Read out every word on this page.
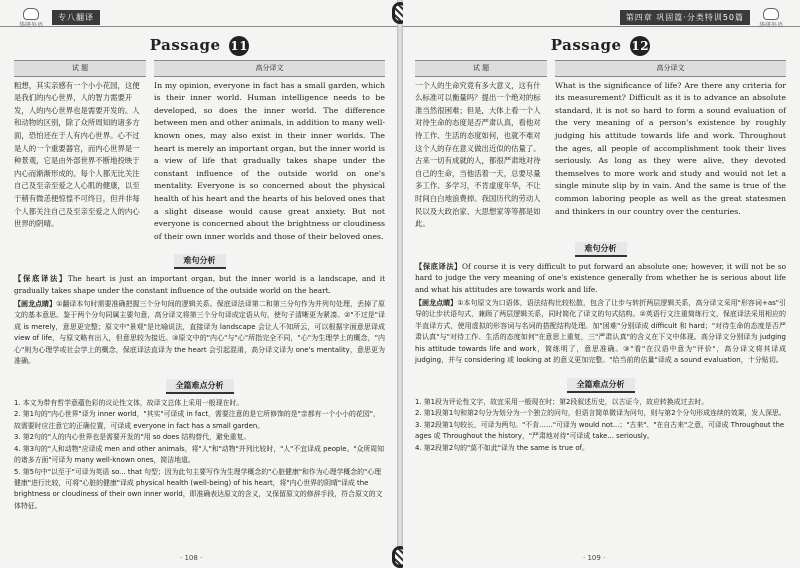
专八翻译
Passage 11
试 题
粗想，其实亲感有一个小小花园，这便是我们的内心世界，人的智力需要开发，人的内心世界也是需要开发的。人和动物的区别，除了众所周知的诸多方面，恐怕还在于人有内心世界。心不过是人的一个重要器官，而内心世界是一种景观，它是由外部世界不断地投映于内心而渐渐形成的。每个人都无比关注自己及至亲至爱之人心肌的健康，以至于稍有微恙便惊惶不可终日，但并非每个人都关注自己及至亲至爱之人的内心世界的阴晴。
高分译文
In my opinion, everyone in fact has a small garden, which is their inner world. Human intelligence needs to be developed, so does the inner world. The difference between men and other animals, in addition to many well-known ones, may also exist in their inner worlds. The heart is merely an important organ, but the inner world is a view of life that gradually takes shape under the constant influence of the outside world on one's mentality. Everyone is so concerned about the physical health of his heart and the hearts of his beloved ones that a slight disease would cause great anxiety. But not everyone is concerned about the brightness or cloudiness of their own inner worlds and those of their beloved ones.
难句分析
【保底译法】The heart is just an important organ, but the inner world is a landscape, and it gradually takes shape under the constant influence of the outside world on the heart.
【画龙点睛】①翻译本句时需要准确把握三个分句间的逻辑关系。保底译法译第二和第三分句作为并列句处理，丢掉了原文的基本意思。鉴于两个分句同属主要句意，高分译文将第三个分句译成定语从句，使句子清晰更为紧凑。②"不过是"译成 is merely，意思更完整；原文中"景观"是比喻说法，直接译为 landscape 会让人不知所云，可以根据字面意思译成 view of life，与原文略有出入，但意思较为接近。③原文中的"内心"与"心"所指完全不同，"心"为生理学上的概念，"内心"则为心理学或社会学上的概念，保底译法直译为 the heart 会引起混淆，高分译文译为 one's mentality，意思更为准确。
全篇难点分析
1. 本文为带有哲学意蕴色彩的议论性文体，故译文总体上采用一般现在时。
2. 第1句的"内心世界"译为 inner world，"其实"可译成 in fact，需要注意的是它所修饰的是"亲都有一个小小的花园"，故需要时应注意它的正确位置，可译成 everyone in fact has a small garden。
3. 第2句的"人的内心世界也是需要开发的"用 so does 结构替代，避免重复。
4. 第3句的"人和动物"应译成 men and other animals，将"人"和"动物"并列比较时，"人"不宜译成 people。"众所周知的诸多方面"可译为 many well-known ones，简洁地道。
5. 第5句中"以至于"可译为英语 so... that 句型；因为此句主要写作为生理学概念的"心脏健康"和作为心理学概念的"心理健康"进行比较，可将"心脏的健康"译成 physical health (well-being) of his heart，将"内心世界的阴晴"译成 the brightness or cloudiness of their own inner world，即准确表达原文的含义，又保留原文的修辞手段，符合原文的文体特征。
· 108 ·
第四章 巩固篇·分类特训50篇
Passage 12
试 题
一个人的生命究竟有多大意义，这有什么标准可以衡量吗？提出一个绝对的标准当然很困难；但是，大体上看一个人对待生命的态度是否严肃认真，看他对待工作、生活的态度如何，也就不难对这个人的存在意义做出近似的估量了。古来一切有成就的人，都很严肃地对待自己的生命，当他活着一天，总要尽量多工作、多学习，不肯虚度年华，不让时间白白地浪费掉。我国历代的劳动人民以及大政治家、大思想家等等都是如此。
高分译文
What is the significance of life? Are there any criteria for its measurement? Difficult as it is to advance an absolute standard, it is not so hard to form a sound evaluation of the very meaning of a person's existence by roughly judging his attitude towards life and work. Throughout the ages, all people of accomplishment took their lives seriously. As long as they were alive, they devoted themselves to more work and study and would not let a single minute slip by in vain. And the same is true of the common laboring people as well as the great statesmen and thinkers in our country over the centuries.
难句分析
【保底译法】Of course it is very difficult to put forward an absolute one; however, it will not be so hard to judge the very meaning of one's existence generally from whether he is serious about life and what his attitudes are towards work and life.
【画龙点睛】①本句原文为口语体，语法结构比较松散，包含了让步与转折两层逻辑关系，高分译文采用"形容词+as"引导的让步状语句式，兼顾了两层逻辑关系，同时简化了译文的句式结构。②英语行文注重简练行文，保底译法采用相应的半直译方式，使用虚拟的形容词与名词的搭配结构处理。加"困难"分别译成 difficult 和 hard；"对待生命的态度是否严肃认真"与"对待工作、生活的态度如何"在意思上重复，三"严肃认真"的含义在下文中体现。高分译文分别译为 judging his attitude towards life and work，简练明了，意思准确。③"看"在汉语中意为"评价"，高分译文将其译成 judging，并与 considering 或 looking at 的意义更加完整。"给当前的估量"译成 a sound evaluation，十分贴切。
全篇难点分析
1. 第1段为评论性文字，故宜采用一般现在时；第2段叙述历史，以古证今，故应转换成过去时。
2. 第1段第1句和第2句分为划分为一个独立的问句，但语言简单微译为问句，则与第2个分句形成连续的效果，发人深思。
3. 第2段第1句较长，可译为两句。"不肯……"可译为 would not...；"古来"、"在自古来"之意，可译成 Throughout the ages 或 Throughout the history，"严肃地对待"可译成 take... seriously。
4. 第2段第2句的"莫不如此"译为 the same is true of。
· 109 ·
